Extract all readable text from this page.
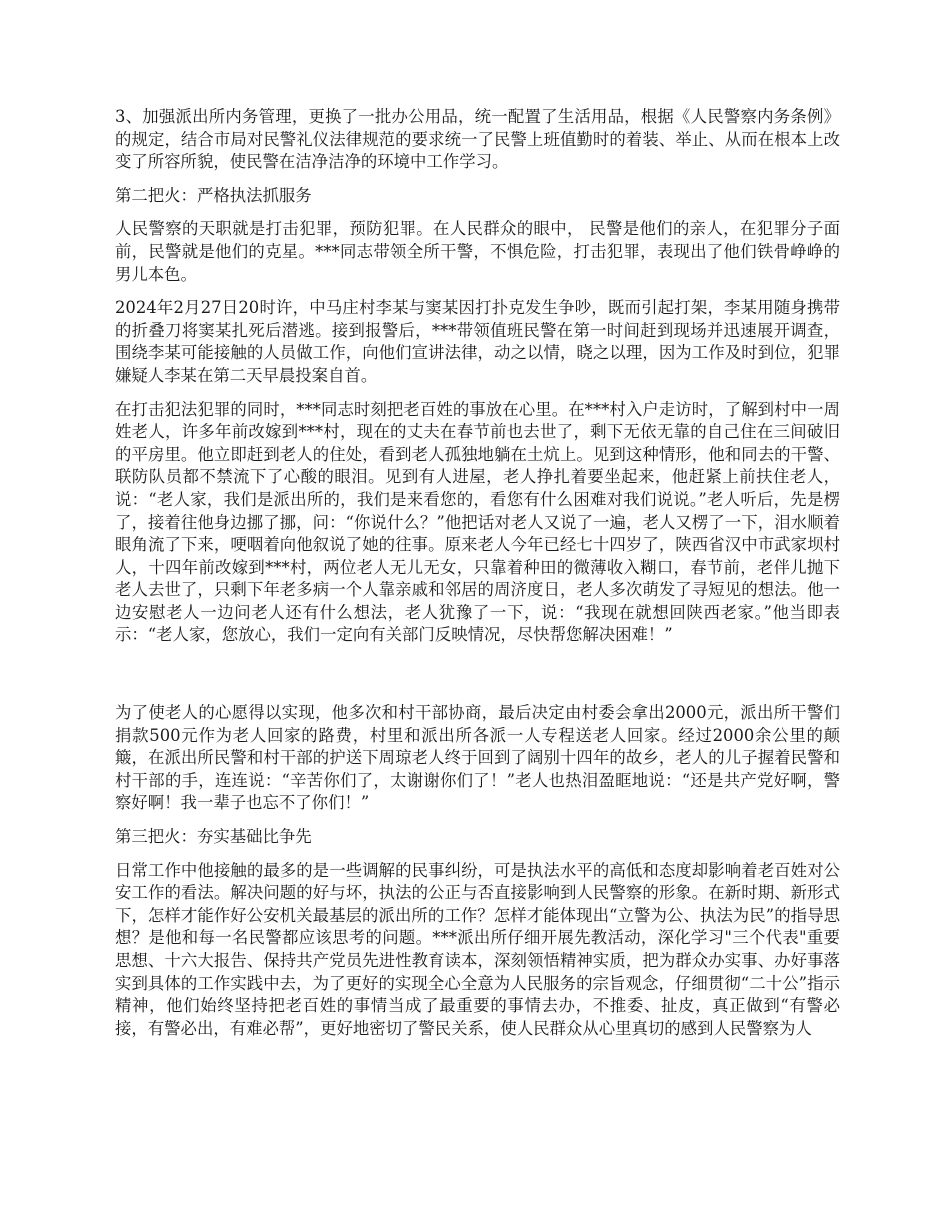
3、加强派出所内务管理，更换了一批办公用品，统一配置了生活用品，根据《人民警察内务条例》的规定，结合市局对民警礼仪法律规范的要求统一了民警上班值勤时的着装、举止、从而在根本上改变了所容所貌，使民警在洁净洁净的环境中工作学习。

第二把火：严格执法抓服务

人民警察的天职就是打击犯罪，预防犯罪。在人民群众的眼中， 民警是他们的亲人，在犯罪分子面前，民警就是他们的克星。***同志带领全所干警，不惧危险，打击犯罪，表现出了他们铁骨峥峥的男儿本色。

2024年2月27日20时许，中马庄村李某与窦某因打扑克发生争吵，既而引起打架，李某用随身携带的折叠刀将窦某扎死后潜逃。接到报警后，***带领值班民警在第一时间赶到现场并迅速展开调查，围绕李某可能接触的人员做工作，向他们宣讲法律，动之以情，晓之以理，因为工作及时到位，犯罪嫌疑人李某在第二天早晨投案自首。

在打击犯法犯罪的同时，***同志时刻把老百姓的事放在心里。在***村入户走访时，了解到村中一周姓老人，许多年前改嫁到***村，现在的丈夫在春节前也去世了，剩下无依无靠的自己住在三间破旧的平房里。他立即赶到老人的住处，看到老人孤独地躺在土炕上。见到这种情形，他和同去的干警、联防队员都不禁流下了心酸的眼泪。见到有人进屋，老人挣扎着要坐起来，他赶紧上前扶住老人，说：“老人家，我们是派出所的，我们是来看您的，看您有什么困难对我们说说。”老人听后，先是楞了，接着往他身边挪了挪，问：“你说什么？”他把话对老人又说了一遍，老人又楞了一下，泪水顺着眼角流了下来，哽咽着向他叙说了她的往事。原来老人今年已经七十四岁了，陕西省汉中市武家坝村人，十四年前改嫁到***村，两位老人无儿无女，只靠着种田的微薄收入糊口，春节前，老伴儿抛下老人去世了，只剩下年老多病一个人靠亲戚和邻居的周济度日，老人多次萌发了寻短见的想法。他一边安慰老人一边问老人还有什么想法，老人犹豫了一下，说：“我现在就想回陕西老家。”他当即表示：“老人家，您放心，我们一定向有关部门反映情况，尽快帮您解决困难！”

为了使老人的心愿得以实现，他多次和村干部协商，最后决定由村委会拿出2000元，派出所干警们捐款500元作为老人回家的路费，村里和派出所各派一人专程送老人回家。经过2000余公里的颠簸，在派出所民警和村干部的护送下周琼老人终于回到了阔别十四年的故乡，老人的儿子握着民警和村干部的手，连连说：“辛苦你们了，太谢谢你们了！”老人也热泪盈眶地说：“还是共产党好啊，警察好啊！我一辈子也忘不了你们！”

第三把火：夯实基础比争先

日常工作中他接触的最多的是一些调解的民事纠纷，可是执法水平的高低和态度却影响着老百姓对公安工作的看法。解决问题的好与坏，执法的公正与否直接影响到人民警察的形象。在新时期、新形式下，怎样才能作好公安机关最基层的派出所的工作？怎样才能体现出“立警为公、执法为民”的指导思想？是他和每一名民警都应该思考的问题。***派出所仔细开展先教活动，深化学习"三个代表"重要思想、十六大报告、保持共产党员先进性教育读本，深刻领悟精神实质，把为群众办实事、办好事落实到具体的工作实践中去，为了更好的实现全心全意为人民服务的宗旨观念，仔细贯彻“二十公”指示精神，他们始终坚持把老百姓的事情当成了最重要的事情去办，不推委、扯皮，真正做到“有警必接，有警必出，有难必帮”，更好地密切了警民关系，使人民群众从心里真切的感到人民警察为人
